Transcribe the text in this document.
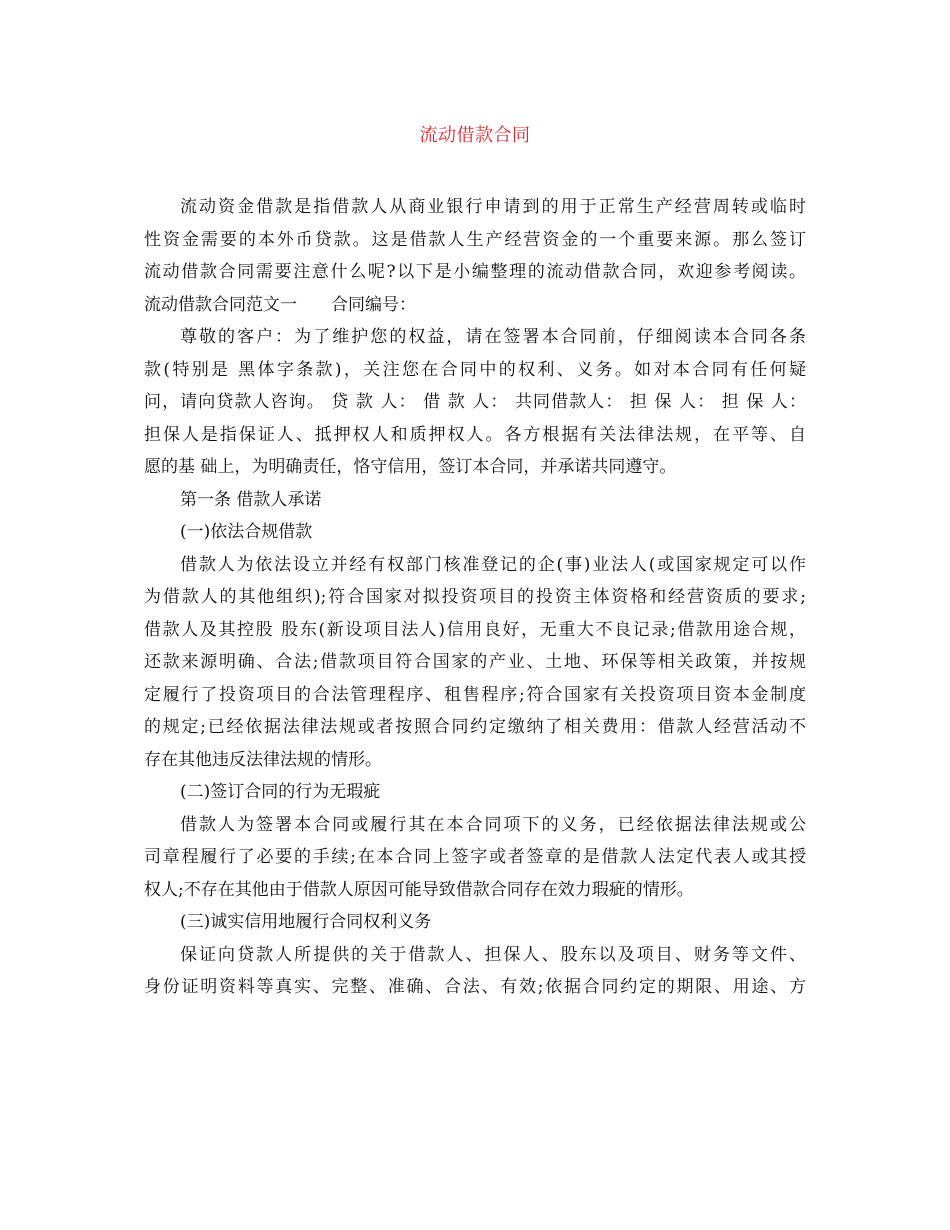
流动借款合同
流动资金借款是指借款人从商业银行申请到的用于正常生产经营周转或临时
性资金需要的本外币贷款。这是借款人生产经营资金的一个重要来源。那么签订
流动借款合同需要注意什么呢?以下是小编整理的流动借款合同，欢迎参考阅读。
流动借款合同范文一　　合同编号：
尊敬的客户：为了维护您的权益，请在签署本合同前，仔细阅读本合同各条
款(特别是 黑体字条款)，关注您在合同中的权利、义务。如对本合同有任何疑
问，请向贷款人咨询。 贷 款 人： 借 款 人： 共同借款人： 担 保 人： 担 保 人：
担保人是指保证人、抵押权人和质押权人。各方根据有关法律法规，在平等、自
愿的基 础上，为明确责任，恪守信用，签订本合同，并承诺共同遵守。
第一条 借款人承诺
(一)依法合规借款
借款人为依法设立并经有权部门核准登记的企(事)业法人(或国家规定可以作
为借款人的其他组织);符合国家对拟投资项目的投资主体资格和经营资质的要求;
借款人及其控股 股东(新设项目法人)信用良好，无重大不良记录;借款用途合规，
还款来源明确、合法;借款项目符合国家的产业、土地、环保等相关政策，并按规
定履行了投资项目的合法管理程序、租售程序;符合国家有关投资项目资本金制度
的规定;已经依据法律法规或者按照合同约定缴纳了相关费用：借款人经营活动不
存在其他违反法律法规的情形。
(二)签订合同的行为无瑕疵
借款人为签署本合同或履行其在本合同项下的义务，已经依据法律法规或公
司章程履行了必要的手续;在本合同上签字或者签章的是借款人法定代表人或其授
权人;不存在其他由于借款人原因可能导致借款合同存在效力瑕疵的情形。
(三)诚实信用地履行合同权利义务
保证向贷款人所提供的关于借款人、担保人、股东以及项目、财务等文件、
身份证明资料等真实、完整、准确、合法、有效;依据合同约定的期限、用途、方
